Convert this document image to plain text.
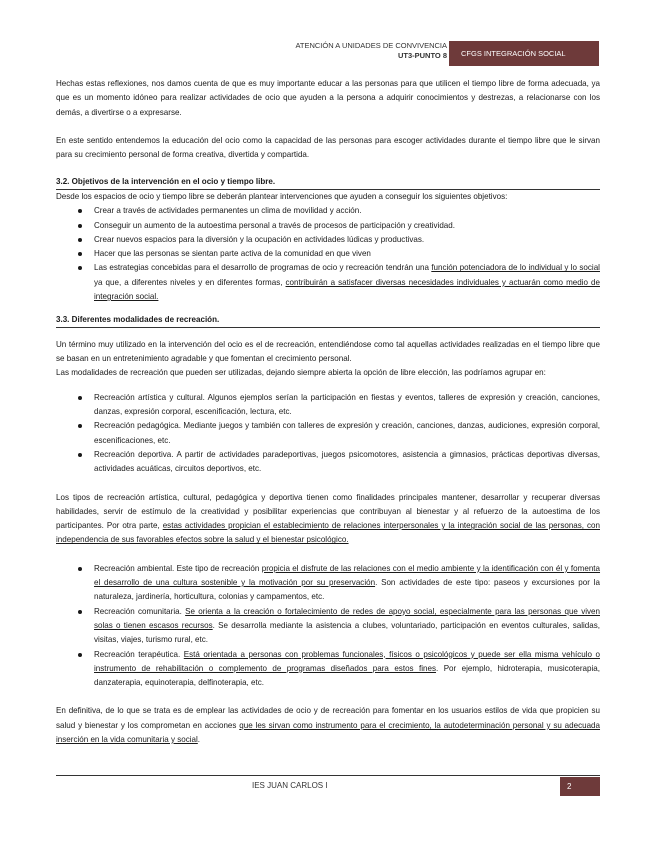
ATENCIÓN A UNIDADES DE CONVIVENCIA
UT3-PUNTO 8 CFGS INTEGRACIÓN SOCIAL

Hechas estas reflexiones, nos damos cuenta de que es muy importante educar a las personas para que utilicen el tiempo libre de forma adecuada, ya que es un momento idóneo para realizar actividades de ocio que ayuden a la persona a adquirir conocimientos y destrezas, a relacionarse con los demás, a divertirse o a expresarse.

En este sentido entendemos la educación del ocio como la capacidad de las personas para escoger actividades durante el tiempo libre que le sirvan para su crecimiento personal de forma creativa, divertida y compartida.

3.2. Objetivos de la intervención en el ocio y tiempo libre.

Desde los espacios de ocio y tiempo libre se deberán plantear intervenciones que ayuden a conseguir los siguientes objetivos:

Crear a través de actividades permanentes un clima de movilidad y acción.
Conseguir un aumento de la autoestima personal a través de procesos de participación y creatividad.
Crear nuevos espacios para la diversión y la ocupación en actividades lúdicas y productivas.
Hacer que las personas se sientan parte activa de la comunidad en que viven
Las estrategias concebidas para el desarrollo de programas de ocio y recreación tendrán una función potenciadora de lo individual y lo social ya que, a diferentes niveles y en diferentes formas, contribuirán a satisfacer diversas necesidades individuales y actuarán como medio de integración social.
3.3. Diferentes modalidades de recreación.

Un término muy utilizado en la intervención del ocio es el de recreación, entendiéndose como tal aquellas actividades realizadas en el tiempo libre que se basan en un entretenimiento agradable y que fomentan el crecimiento personal.

Las modalidades de recreación que pueden ser utilizadas, dejando siempre abierta la opción de libre elección, las podríamos agrupar en:

Recreación artística y cultural. Algunos ejemplos serían la participación en fiestas y eventos, talleres de expresión y creación, canciones, danzas, expresión corporal, escenificación, lectura, etc.
Recreación pedagógica. Mediante juegos y también con talleres de expresión y creación, canciones, danzas, audiciones, expresión corporal, escenificaciones, etc.
Recreación deportiva. A partir de actividades paradeportivas, juegos psicomotores, asistencia a gimnasios, prácticas deportivas diversas, actividades acuáticas, circuitos deportivos, etc.

Los tipos de recreación artística, cultural, pedagógica y deportiva tienen como finalidades principales mantener, desarrollar y recuperar diversas habilidades, servir de estímulo de la creatividad y posibilitar experiencias que contribuyan al bienestar y al refuerzo de la autoestima de los participantes. Por otra parte, estas actividades propician el establecimiento de relaciones interpersonales y la integración social de las personas, con independencia de sus favorables efectos sobre la salud y el bienestar psicológico.

Recreación ambiental. Este tipo de recreación propicia el disfrute de las relaciones con el medio ambiente y la identificación con él y fomenta el desarrollo de una cultura sostenible y la motivación por su preservación. Son actividades de este tipo: paseos y excursiones por la naturaleza, jardinería, horticultura, colonias y campamentos, etc.
Recreación comunitaria. Se orienta a la creación o fortalecimiento de redes de apoyo social, especialmente para las personas que viven solas o tienen escasos recursos. Se desarrolla mediante la asistencia a clubes, voluntariado, participación en eventos culturales, salidas, visitas, viajes, turismo rural, etc.
Recreación terapéutica. Está orientada a personas con problemas funcionales, físicos o psicológicos y puede ser ella misma vehículo o instrumento de rehabilitación o complemento de programas diseñados para estos fines. Por ejemplo, hidroterapia, musicoterapia, danzaterapia, equinoterapia, delfinoterapia, etc.

En definitiva, de lo que se trata es de emplear las actividades de ocio y de recreación para fomentar en los usuarios estilos de vida que propicien su salud y bienestar y los comprometan en acciones que les sirvan como instrumento para el crecimiento, la autodeterminación personal y su adecuada inserción en la vida comunitaria y social.

IES JUAN CARLOS I	2
